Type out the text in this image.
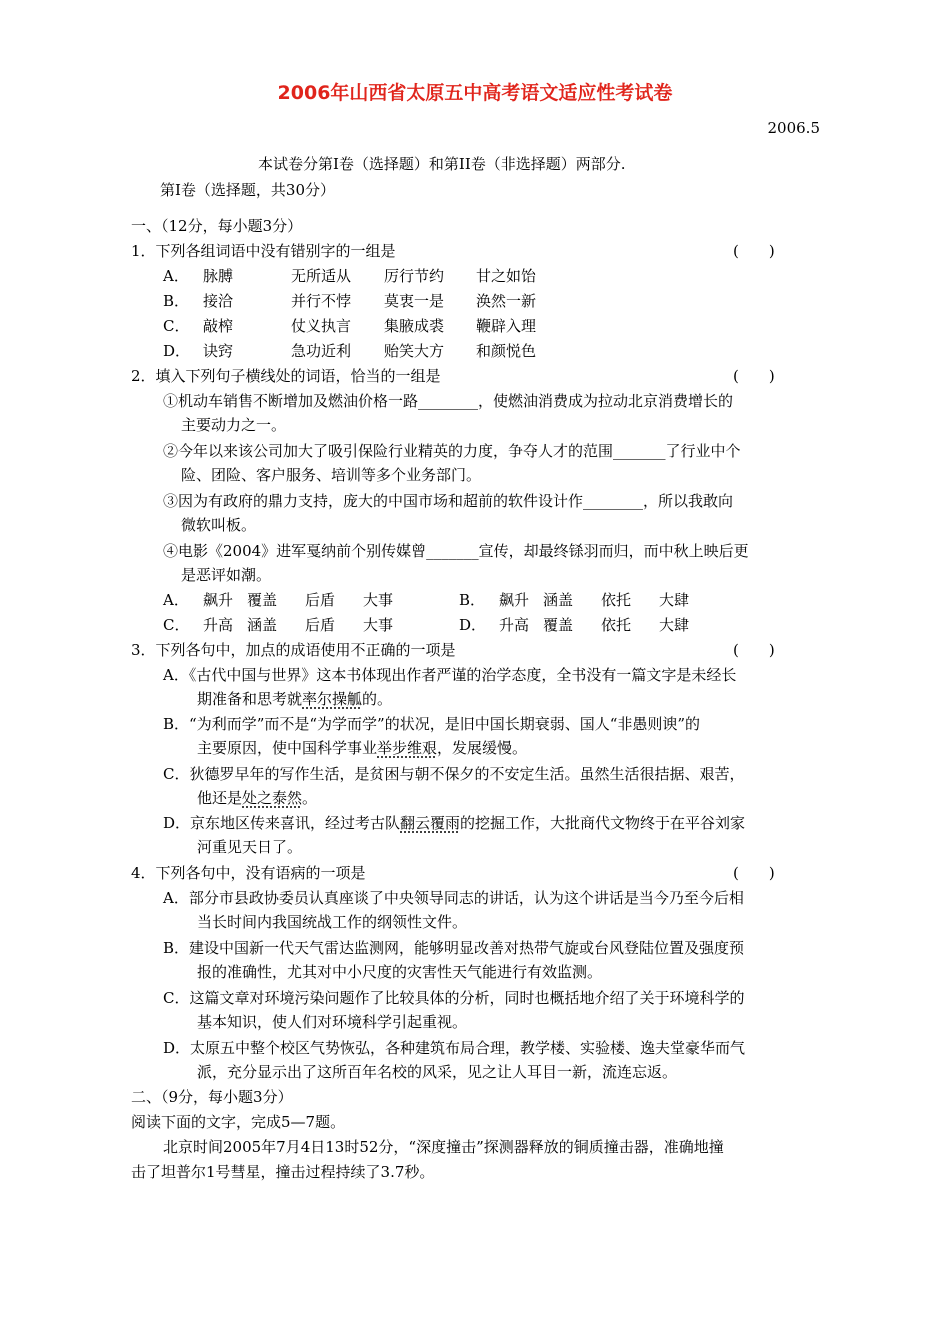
2006年山西省太原五中高考语文适应性考试卷
2006.5
本试卷分第I卷（选择题）和第II卷（非选择题）两部分.
第I卷（选择题，共30分）
一、（12分，每小题3分）
1．下列各组词语中没有错别字的一组是	(　　)
A． 脉膊	无所适从 厉行节约 甘之如饴
B． 接洽	并行不悖 莫衷一是 涣然一新
C． 敲榨	仗义执言 集腋成裘 鞭辟入理
D． 诀窍	急功近利 贻笑大方 和颜悦色
2．填入下列句子横线处的词语，恰当的一组是	(　　)
①机动车销售不断增加及燃油价格一路________，使燃油消费成为拉动北京消费增长的
主要动力之一。
②今年以来该公司加大了吸引保险行业精英的力度，争夺人才的范围_______了行业中个
险、团险、客户服务、培训等多个业务部门。
③因为有政府的鼎力支持，庞大的中国市场和超前的软件设计作________，所以我敢向
微软叫板。
④电影《2004》进军戛纳前个别传媒曾_______宣传，却最终铩羽而归，而中秋上映后更
是恶评如潮。
A． 飙升 覆盖 后盾 大事	B． 飙升 涵盖 依托 大肆
C． 升高 涵盖 后盾 大事	D． 升高 覆盖 依托 大肆
3．下列各句中，加点的成语使用不正确的一项是	(　　)
A．《古代中国与世界》这本书体现出作者严谨的治学态度，全书没有一篇文字是未经长
期准备和思考就率尔操觚的。
B．“为利而学”而不是“为学而学”的状况，是旧中国长期衰弱、国人“非愚则谀”的
主要原因，使中国科学事业举步维艰，发展缓慢。
C．狄德罗早年的写作生活，是贫困与朝不保夕的不安定生活。虽然生活很拮据、艰苦，
他还是处之泰然。
D．京东地区传来喜讯，经过考古队翻云覆雨的挖掘工作，大批商代文物终于在平谷刘家
河重见天日了。
4．下列各句中，没有语病的一项是	(　　)
A．部分市县政协委员认真座谈了中央领导同志的讲话，认为这个讲话是当今乃至今后相
当长时间内我国统战工作的纲领性文件。
B．建设中国新一代天气雷达监测网，能够明显改善对热带气旋或台风登陆位置及强度预
报的准确性，尤其对中小尺度的灾害性天气能进行有效监测。
C．这篇文章对环境污染问题作了比较具体的分析，同时也概括地介绍了关于环境科学的
基本知识，使人们对环境科学引起重视。
D．太原五中整个校区气势恢弘，各种建筑布局合理，教学楼、实验楼、逸夫堂豪华而气
派，充分显示出了这所百年名校的风采，见之让人耳目一新，流连忘返。
二、（9分，每小题3分）
阅读下面的文字，完成5—7题。
北京时间2005年7月4日13时52分，“深度撞击”探测器释放的铜质撞击器，准确地撞
击了坦普尔1号彗星，撞击过程持续了3.7秒。
